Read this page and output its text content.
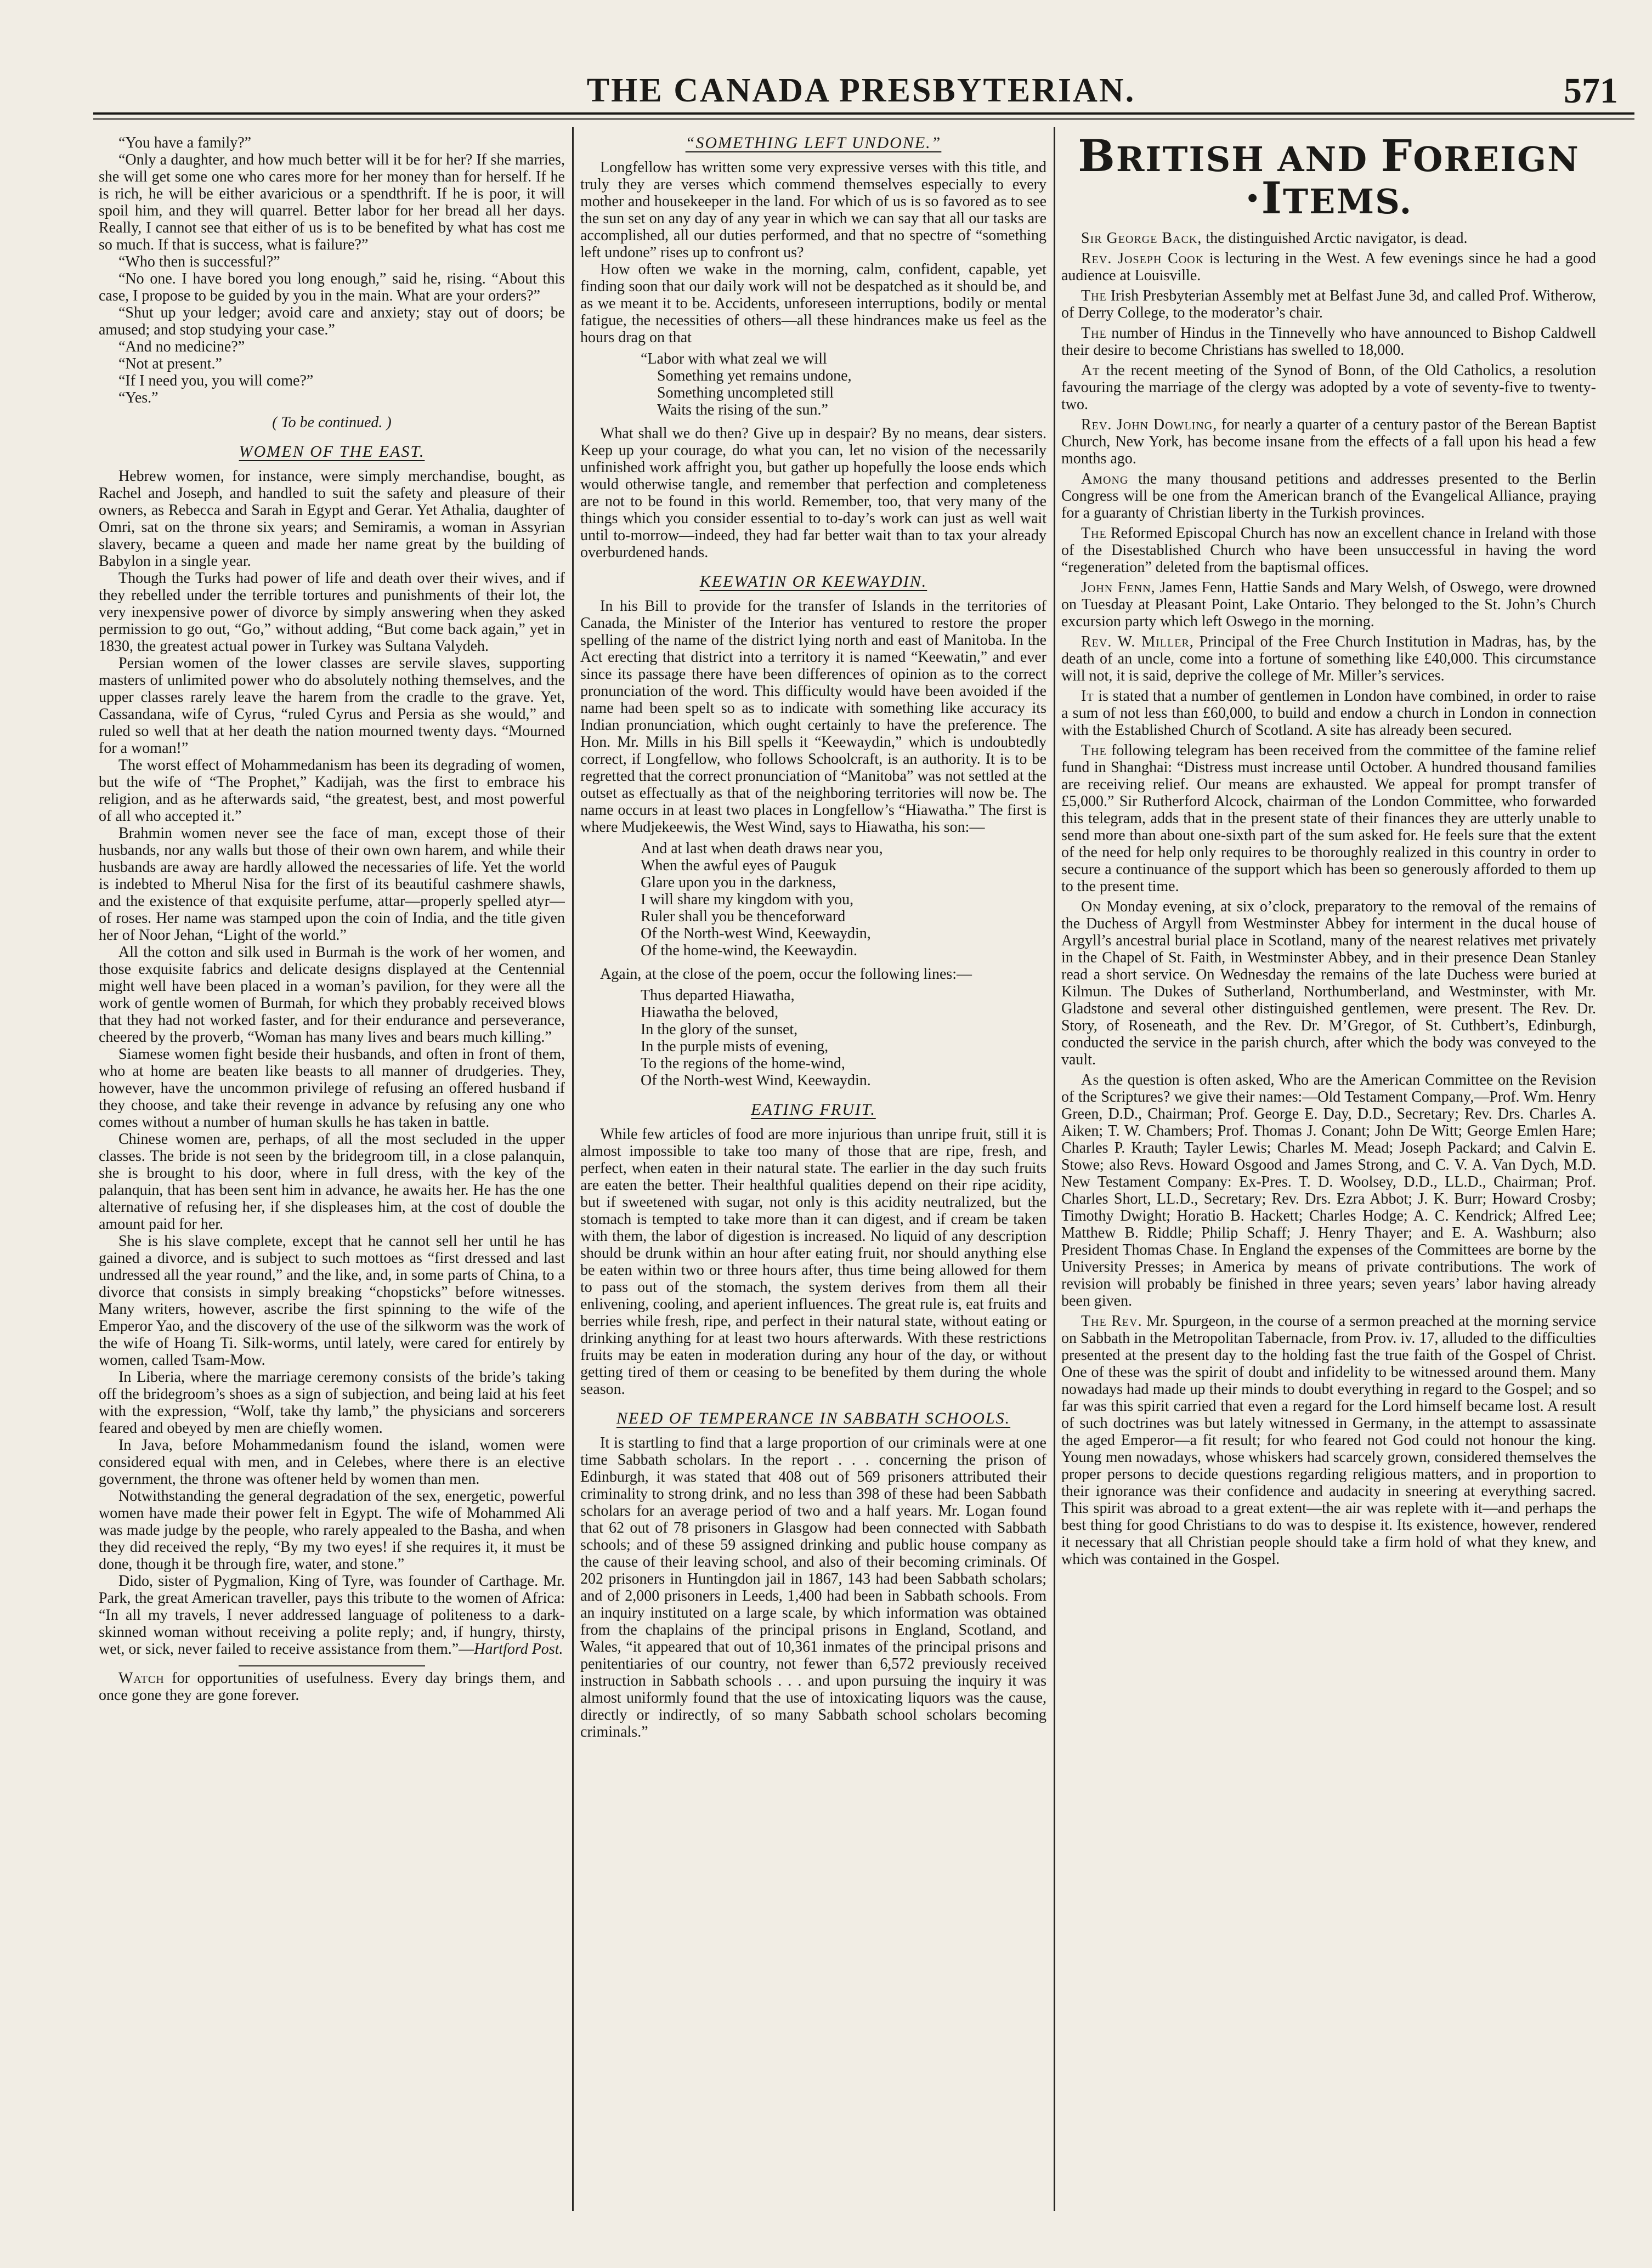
THE CANADA PRESBYTERIAN.	571

“You have a family?”

“Only a daughter, and how much better will it be for her? If she marries, she will get some one who cares more for her money than for herself. If he is rich, he will be either avaricious or a spendthrift. If he is poor, it will spoil him, and they will quarrel. Better labor for her bread all her days. Really, I cannot see that either of us is to be benefited by what has cost me so much. If that is success, what is failure?”

“Who then is successful?”

“No one. I have bored you long enough,” said he, rising. “About this case, I propose to be guided by you in the main. What are your orders?”

“Shut up your ledger; avoid care and anxiety; stay out of doors; be amused; and stop studying your case.”

“And no medicine?”

“Not at present.”

“If I need you, you will come?”

“Yes.”

( To be continued. )

WOMEN OF THE EAST.

Hebrew women, for instance, were simply merchandise, bought, as Rachel and Joseph, and handled to suit the safety and pleasure of their owners, as Rebecca and Sarah in Egypt and Gerar. Yet Athalia, daughter of Omri, sat on the throne six years; and Semiramis, a woman in Assyrian slavery, became a queen and made her name great by the building of Babylon in a single year.

Though the Turks had power of life and death over their wives, and if they rebelled under the terrible tortures and punishments of their lot, the very inexpensive power of divorce by simply answering when they asked permission to go out, “Go,” without adding, “But come back again,” yet in 1830, the greatest actual power in Turkey was Sultana Valydeh.

Persian women of the lower classes are servile slaves, supporting masters of unlimited power who do absolutely nothing themselves, and the upper classes rarely leave the harem from the cradle to the grave. Yet, Cassandana, wife of Cyrus, “ruled Cyrus and Persia as she would,” and ruled so well that at her death the nation mourned twenty days. “Mourned for a woman!”

The worst effect of Mohammedanism has been its degrading of women, but the wife of “The Prophet,” Kadijah, was the first to embrace his religion, and as he afterwards said, “the greatest, best, and most powerful of all who accepted it.”

Brahmin women never see the face of man, except those of their husbands, nor any walls but those of their own own harem, and while their husbands are away are hardly allowed the necessaries of life. Yet the world is indebted to Mherul Nisa for the first of its beautiful cashmere shawls, and the existence of that exquisite perfume, attar—properly spelled atyr—of roses. Her name was stamped upon the coin of India, and the title given her of Noor Jehan, “Light of the world.”

All the cotton and silk used in Burmah is the work of her women, and those exquisite fabrics and delicate designs displayed at the Centennial might well have been placed in a woman’s pavilion, for they were all the work of gentle women of Burmah, for which they probably received blows that they had not worked faster, and for their endurance and perseverance, cheered by the proverb, “Woman has many lives and bears much killing.”

Siamese women fight beside their husbands, and often in front of them, who at home are beaten like beasts to all manner of drudgeries. They, however, have the uncommon privilege of refusing an offered husband if they choose, and take their revenge in advance by refusing any one who comes without a number of human skulls he has taken in battle.

Chinese women are, perhaps, of all the most secluded in the upper classes. The bride is not seen by the bridegroom till, in a close palanquin, she is brought to his door, where in full dress, with the key of the palanquin, that has been sent him in advance, he awaits her. He has the one alternative of refusing her, if she displeases him, at the cost of double the amount paid for her.

She is his slave complete, except that he cannot sell her until he has gained a divorce, and is subject to such mottoes as “first dressed and last undressed all the year round,” and the like, and, in some parts of China, to a divorce that consists in simply breaking “chopsticks” before witnesses. Many writers, however, ascribe the first spinning to the wife of the Emperor Yao, and the discovery of the use of the silkworm was the work of the wife of Hoang Ti. Silk-worms, until lately, were cared for entirely by women, called Tsam-Mow.

In Liberia, where the marriage ceremony consists of the bride’s taking off the bridegroom’s shoes as a sign of subjection, and being laid at his feet with the expression, “Wolf, take thy lamb,” the physicians and sorcerers feared and obeyed by men are chiefly women.

In Java, before Mohammedanism found the island, women were considered equal with men, and in Celebes, where there is an elective government, the throne was oftener held by women than men.

Notwithstanding the general degradation of the sex, energetic, powerful women have made their power felt in Egypt. The wife of Mohammed Ali was made judge by the people, who rarely appealed to the Basha, and when they did received the reply, “By my two eyes! if she requires it, it must be done, though it be through fire, water, and stone.”

Dido, sister of Pygmalion, King of Tyre, was founder of Carthage. Mr. Park, the great American traveller, pays this tribute to the women of Africa: “In all my travels, I never addressed language of politeness to a dark-skinned woman without receiving a polite reply; and, if hungry, thirsty, wet, or sick, never failed to receive assistance from them.”—Hartford Post.

Watch for opportunities of usefulness. Every day brings them, and once gone they are gone forever.

“SOMETHING LEFT UNDONE.”

Longfellow has written some very expressive verses with this title, and truly they are verses which commend themselves especially to every mother and housekeeper in the land. For which of us is so favored as to see the sun set on any day of any year in which we can say that all our tasks are accomplished, all our duties performed, and that no spectre of “something left undone” rises up to confront us?

How often we wake in the morning, calm, confident, capable, yet finding soon that our daily work will not be despatched as it should be, and as we meant it to be. Accidents, unforeseen interruptions, bodily or mental fatigue, the necessities of others—all these hindrances make us feel as the hours drag on that

“Labor with what zeal we will
Something yet remains undone,
Something uncompleted still
Waits the rising of the sun.”

What shall we do then? Give up in despair? By no means, dear sisters. Keep up your courage, do what you can, let no vision of the necessarily unfinished work affright you, but gather up hopefully the loose ends which would otherwise tangle, and remember that perfection and completeness are not to be found in this world. Remember, too, that very many of the things which you consider essential to to-day’s work can just as well wait until to-morrow—indeed, they had far better wait than to tax your already overburdened hands.

KEEWATIN OR KEEWAYDIN.

In his Bill to provide for the transfer of Islands in the territories of Canada, the Minister of the Interior has ventured to restore the proper spelling of the name of the district lying north and east of Manitoba. In the Act erecting that district into a territory it is named “Keewatin,” and ever since its passage there have been differences of opinion as to the correct pronunciation of the word. This difficulty would have been avoided if the name had been spelt so as to indicate with something like accuracy its Indian pronunciation, which ought certainly to have the preference. The Hon. Mr. Mills in his Bill spells it “Keewaydin,” which is undoubtedly correct, if Longfellow, who follows Schoolcraft, is an authority. It is to be regretted that the correct pronunciation of “Manitoba” was not settled at the outset as effectually as that of the neighboring territories will now be. The name occurs in at least two places in Longfellow’s “Hiawatha.” The first is where Mudjekeewis, the West Wind, says to Hiawatha, his son:—

And at last when death draws near you,
When the awful eyes of Pauguk
Glare upon you in the darkness,
I will share my kingdom with you,
Ruler shall you be thenceforward
Of the North-west Wind, Keewaydin,
Of the home-wind, the Keewaydin.

Again, at the close of the poem, occur the following lines:—

Thus departed Hiawatha,
Hiawatha the beloved,
In the glory of the sunset,
In the purple mists of evening,
To the regions of the home-wind,
Of the North-west Wind, Keewaydin.
EATING FRUIT.

While few articles of food are more injurious than unripe fruit, still it is almost impossible to take too many of those that are ripe, fresh, and perfect, when eaten in their natural state. The earlier in the day such fruits are eaten the better. Their healthful qualities depend on their ripe acidity, but if sweetened with sugar, not only is this acidity neutralized, but the stomach is tempted to take more than it can digest, and if cream be taken with them, the labor of digestion is increased. No liquid of any description should be drunk within an hour after eating fruit, nor should anything else be eaten within two or three hours after, thus time being allowed for them to pass out of the stomach, the system derives from them all their enlivening, cooling, and aperient influences. The great rule is, eat fruits and berries while fresh, ripe, and perfect in their natural state, without eating or drinking anything for at least two hours afterwards. With these restrictions fruits may be eaten in moderation during any hour of the day, or without getting tired of them or ceasing to be benefited by them during the whole season.

NEED OF TEMPERANCE IN SABBATH SCHOOLS.

It is startling to find that a large proportion of our criminals were at one time Sabbath scholars. In the report . . . concerning the prison of Edinburgh, it was stated that 408 out of 569 prisoners attributed their criminality to strong drink, and no less than 398 of these had been Sabbath scholars for an average period of two and a half years. Mr. Logan found that 62 out of 78 prisoners in Glasgow had been connected with Sabbath schools; and of these 59 assigned drinking and public house company as the cause of their leaving school, and also of their becoming criminals. Of 202 prisoners in Huntingdon jail in 1867, 143 had been Sabbath scholars; and of 2,000 prisoners in Leeds, 1,400 had been in Sabbath schools. From an inquiry instituted on a large scale, by which information was obtained from the chaplains of the principal prisons in England, Scotland, and Wales, “it appeared that out of 10,361 inmates of the principal prisons and penitentiaries of our country, not fewer than 6,572 previously received instruction in Sabbath schools . . . and upon pursuing the inquiry it was almost uniformly found that the use of intoxicating liquors was the cause, directly or indirectly, of so many Sabbath school scholars becoming criminals.”

BRITISH AND FOREIGN ·ITEMS.

Sir George Back, the distinguished Arctic navigator, is dead.

Rev. Joseph Cook is lecturing in the West. A few evenings since he had a good audience at Louisville.

The Irish Presbyterian Assembly met at Belfast June 3d, and called Prof. Witherow, of Derry College, to the moderator’s chair.

The number of Hindus in the Tinnevelly who have announced to Bishop Caldwell their desire to become Christians has swelled to 18,000.

At the recent meeting of the Synod of Bonn, of the Old Catholics, a resolution favouring the marriage of the clergy was adopted by a vote of seventy-five to twenty-two.

Rev. John Dowling, for nearly a quarter of a century pastor of the Berean Baptist Church, New York, has become insane from the effects of a fall upon his head a few months ago.

Among the many thousand petitions and addresses presented to the Berlin Congress will be one from the American branch of the Evangelical Alliance, praying for a guaranty of Christian liberty in the Turkish provinces.

The Reformed Episcopal Church has now an excellent chance in Ireland with those of the Disestablished Church who have been unsuccessful in having the word “regeneration” deleted from the baptismal offices.

John Fenn, James Fenn, Hattie Sands and Mary Welsh, of Oswego, were drowned on Tuesday at Pleasant Point, Lake Ontario. They belonged to the St. John’s Church excursion party which left Oswego in the morning.

Rev. W. Miller, Principal of the Free Church Institution in Madras, has, by the death of an uncle, come into a fortune of something like £40,000. This circumstance will not, it is said, deprive the college of Mr. Miller’s services.

It is stated that a number of gentlemen in London have combined, in order to raise a sum of not less than £60,000, to build and endow a church in London in connection with the Established Church of Scotland. A site has already been secured.

The following telegram has been received from the committee of the famine relief fund in Shanghai: “Distress must increase until October. A hundred thousand families are receiving relief. Our means are exhausted. We appeal for prompt transfer of £5,000.” Sir Rutherford Alcock, chairman of the London Committee, who forwarded this telegram, adds that in the present state of their finances they are utterly unable to send more than about one-sixth part of the sum asked for. He feels sure that the extent of the need for help only requires to be thoroughly realized in this country in order to secure a continuance of the support which has been so generously afforded to them up to the present time.

On Monday evening, at six o’clock, preparatory to the removal of the remains of the Duchess of Argyll from Westminster Abbey for interment in the ducal house of Argyll’s ancestral burial place in Scotland, many of the nearest relatives met privately in the Chapel of St. Faith, in Westminster Abbey, and in their presence Dean Stanley read a short service. On Wednesday the remains of the late Duchess were buried at Kilmun. The Dukes of Sutherland, Northumberland, and Westminster, with Mr. Gladstone and several other distinguished gentlemen, were present. The Rev. Dr. Story, of Roseneath, and the Rev. Dr. M’Gregor, of St. Cuthbert’s, Edinburgh, conducted the service in the parish church, after which the body was conveyed to the vault.

As the question is often asked, Who are the American Committee on the Revision of the Scriptures? we give their names:—Old Testament Company,—Prof. Wm. Henry Green, D.D., Chairman; Prof. George E. Day, D.D., Secretary; Rev. Drs. Charles A. Aiken; T. W. Chambers; Prof. Thomas J. Conant; John De Witt; George Emlen Hare; Charles P. Krauth; Tayler Lewis; Charles M. Mead; Joseph Packard; and Calvin E. Stowe; also Revs. Howard Osgood and James Strong, and C. V. A. Van Dych, M.D. New Testament Company: Ex-Pres. T. D. Woolsey, D.D., LL.D., Chairman; Prof. Charles Short, LL.D., Secretary; Rev. Drs. Ezra Abbot; J. K. Burr; Howard Crosby; Timothy Dwight; Horatio B. Hackett; Charles Hodge; A. C. Kendrick; Alfred Lee; Matthew B. Riddle; Philip Schaff; J. Henry Thayer; and E. A. Washburn; also President Thomas Chase. In England the expenses of the Committees are borne by the University Presses; in America by means of private contributions. The work of revision will probably be finished in three years; seven years’ labor having already been given.

The Rev. Mr. Spurgeon, in the course of a sermon preached at the morning service on Sabbath in the Metropolitan Tabernacle, from Prov. iv. 17, alluded to the difficulties presented at the present day to the holding fast the true faith of the Gospel of Christ. One of these was the spirit of doubt and infidelity to be witnessed around them. Many nowadays had made up their minds to doubt everything in regard to the Gospel; and so far was this spirit carried that even a regard for the Lord himself became lost. A result of such doctrines was but lately witnessed in Germany, in the attempt to assassinate the aged Emperor—a fit result; for who feared not God could not honour the king. Young men nowadays, whose whiskers had scarcely grown, considered themselves the proper persons to decide questions regarding religious matters, and in proportion to their ignorance was their confidence and audacity in sneering at everything sacred. This spirit was abroad to a great extent—the air was replete with it—and perhaps the best thing for good Christians to do was to despise it. Its existence, however, rendered it necessary that all Christian people should take a firm hold of what they knew, and which was contained in the Gospel.
